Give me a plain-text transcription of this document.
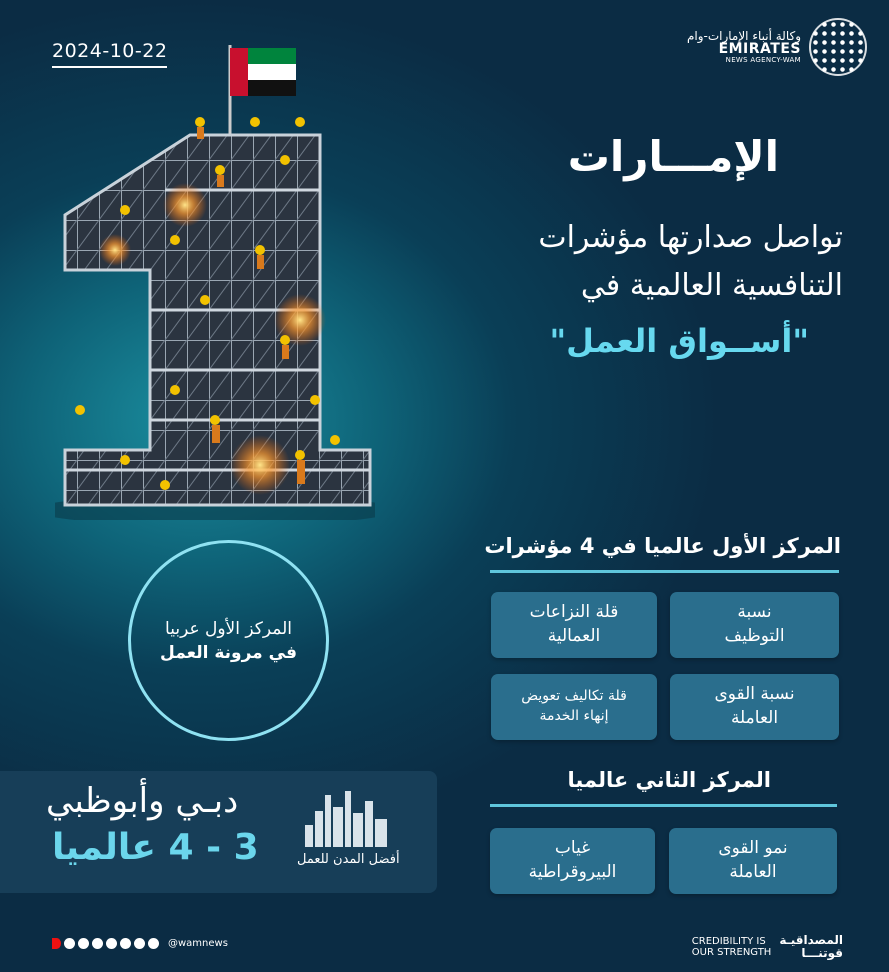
2024-10-22
وكالة أنباء الإمارات-وام
EMIRATES
NEWS AGENCY-WAM
الإمـــارات
تواصل صدارتها مؤشرات
التنافسية العالمية في
"أســواق العمل"
المركز الأول عالميا في 4 مؤشرات
نسبة
التوظيف
قلة النزاعات
العمالية
نسبة القوى
العاملة
قلة تكاليف تعويض
إنهاء الخدمة
المركز الثاني عالميا
نمو القوى
العاملة
غياب
البيروقراطية
المركز الأول عربيا
في مرونة العمل
دبـي وأبوظبي
3 - 4 عالميا	أفضل المدن للعمل
@wamnews	CREDIBILITY IS
OUR STRENGTH
المصداقيـة
قوتنـــا
